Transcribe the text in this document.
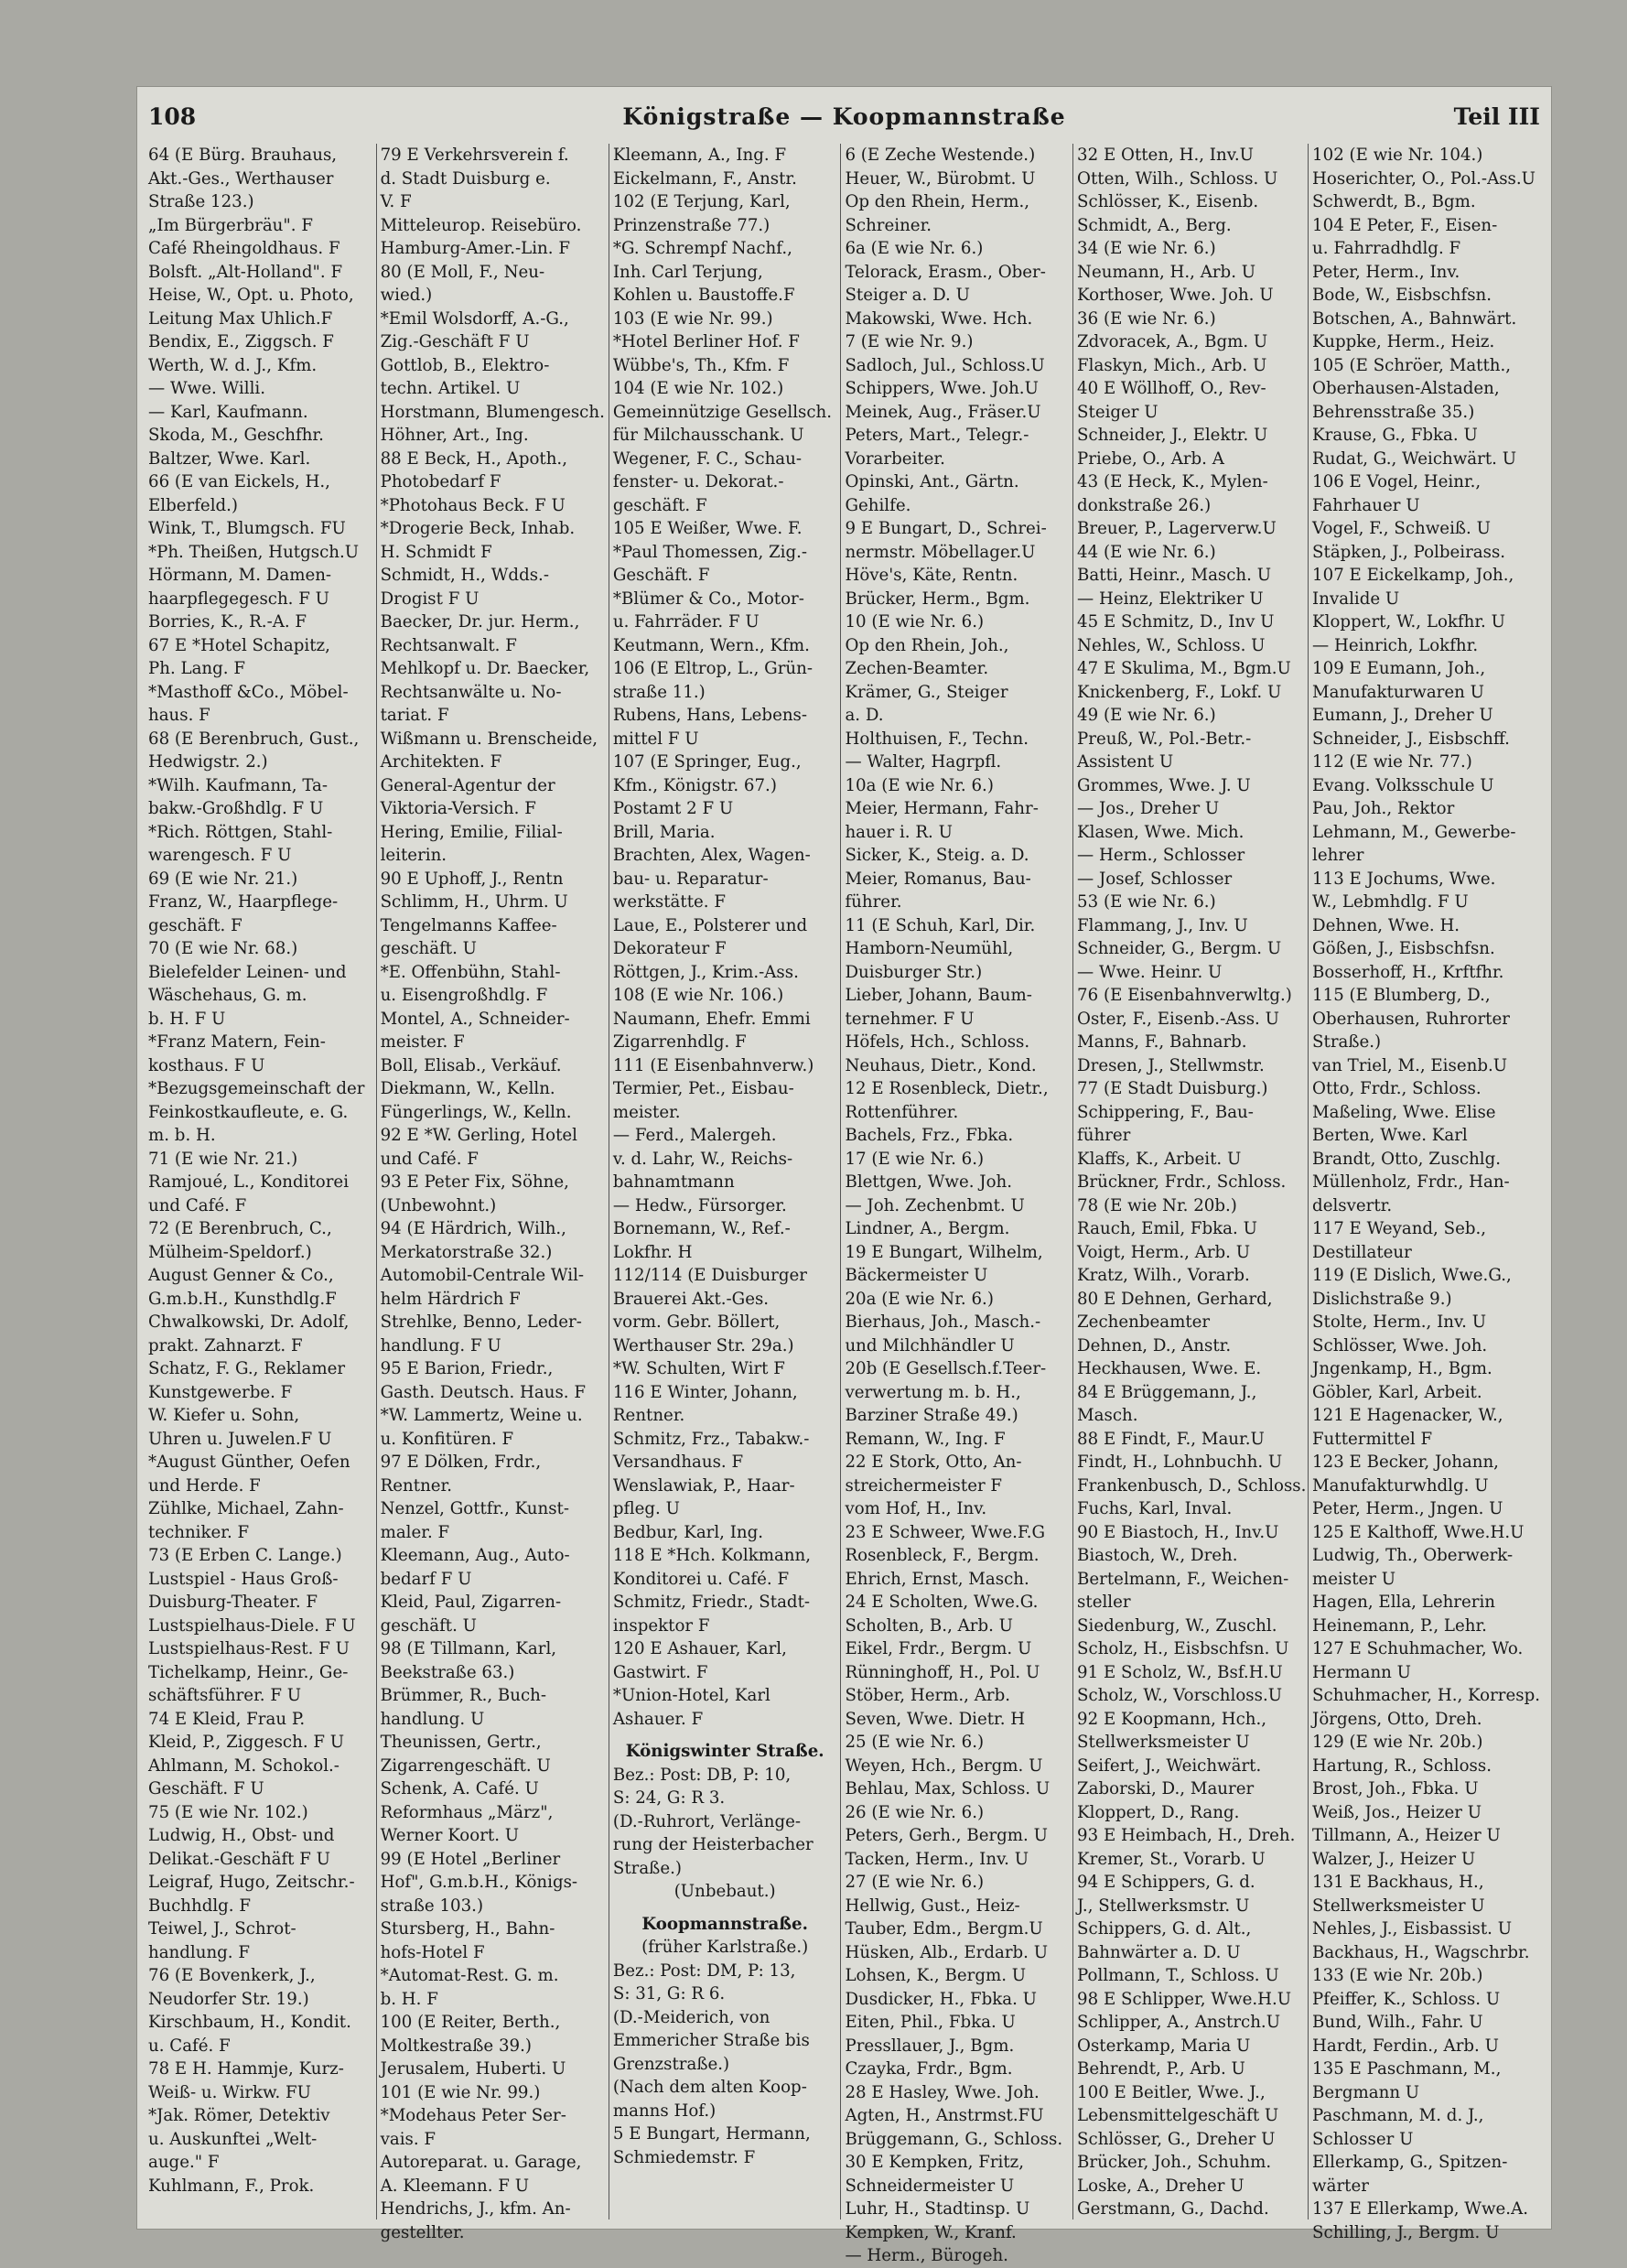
108	Königstraße — Koopmannstraße	Teil III
64 (E Bürg. Brauhaus,
Akt.-Ges., Werthauser
Straße 123.)
„Im Bürgerbräu". F
Café Rheingoldhaus. F
Bolsft. „Alt-Holland". F
Heise, W., Opt. u. Photo,
Leitung Max Uhlich.F
Bendix, E., Ziggsch. F
Werth, W. d. J., Kfm.
— Wwe. Willi.
— Karl, Kaufmann.
Skoda, M., Geschfhr.
Baltzer, Wwe. Karl.
66 (E van Eickels, H.,
Elberfeld.)
Wink, T., Blumgsch. FU
*Ph. Theißen, Hutgsch.U
Hörmann, M. Damen-
haarpflegegesch. F U
Borries, K., R.-A. F
67 E *Hotel Schapitz,
Ph. Lang. F
*Masthoff &Co., Möbel-
haus. F
68 (E Berenbruch, Gust.,
Hedwigstr. 2.)
*Wilh. Kaufmann, Ta-
bakw.-Großhdlg. F U
*Rich. Röttgen, Stahl-
warengesch. F U
69 (E wie Nr. 21.)
Franz, W., Haarpflege-
geschäft. F
70 (E wie Nr. 68.)
Bielefelder Leinen- und
Wäschehaus, G. m.
b. H. F U
*Franz Matern, Fein-
kosthaus. F U
*Bezugsgemeinschaft der
Feinkostkaufleute, e. G.
m. b. H.
71 (E wie Nr. 21.)
Ramjoué, L., Konditorei
und Café. F
72 (E Berenbruch, C.,
Mülheim-Speldorf.)
August Genner & Co.,
G.m.b.H., Kunsthdlg.F
Chwalkowski, Dr. Adolf,
prakt. Zahnarzt. F
Schatz, F. G., Reklamer
Kunstgewerbe. F
W. Kiefer u. Sohn,
Uhren u. Juwelen.F U
*August Günther, Oefen
und Herde. F
Zühlke, Michael, Zahn-
techniker. F
73 (E Erben C. Lange.)
Lustspiel - Haus Groß-
Duisburg-Theater. F
Lustspielhaus-Diele. F U
Lustspielhaus-Rest. F U
Tichelkamp, Heinr., Ge-
schäftsführer. F U
74 E Kleid, Frau P.
Kleid, P., Ziggesch. F U
Ahlmann, M. Schokol.-
Geschäft. F U
75 (E wie Nr. 102.)
Ludwig, H., Obst- und
Delikat.-Geschäft F U
Leigraf, Hugo, Zeitschr.-
Buchhdlg. F
Teiwel, J., Schrot-
handlung. F
76 (E Bovenkerk, J.,
Neudorfer Str. 19.)
Kirschbaum, H., Kondit.
u. Café. F
78 E H. Hammje, Kurz-
Weiß- u. Wirkw. FU
*Jak. Römer, Detektiv
u. Auskunftei „Welt-
auge." F
Kuhlmann, F., Prok.
79 E Verkehrsverein f.
d. Stadt Duisburg e.
V. F
Mitteleurop. Reisebüro.
Hamburg-Amer.-Lin. F
80 (E Moll, F., Neu-
wied.)
*Emil Wolsdorff, A.-G.,
Zig.-Geschäft F U
Gottlob, B., Elektro-
techn. Artikel. U
Horstmann, Blumengesch.
Höhner, Art., Ing.
88 E Beck, H., Apoth.,
Photobedarf F
*Photohaus Beck. F U
*Drogerie Beck, Inhab.
H. Schmidt F
Schmidt, H., Wdds.-
Drogist F U
Baecker, Dr. jur. Herm.,
Rechtsanwalt. F
Mehlkopf u. Dr. Baecker,
Rechtsanwälte u. No-
tariat. F
Wißmann u. Brenscheide,
Architekten. F
General-Agentur der
Viktoria-Versich. F
Hering, Emilie, Filial-
leiterin.
90 E Uphoff, J., Rentn
Schlimm, H., Uhrm. U
Tengelmanns Kaffee-
geschäft. U
*E. Offenbühn, Stahl-
u. Eisengroßhdlg. F
Montel, A., Schneider-
meister. F
Boll, Elisab., Verkäuf.
Diekmann, W., Kelln.
Füngerlings, W., Kelln.
92 E *W. Gerling, Hotel
und Café. F
93 E Peter Fix, Söhne,
(Unbewohnt.)
94 (E Härdrich, Wilh.,
Merkatorstraße 32.)
Automobil-Centrale Wil-
helm Härdrich F
Strehlke, Benno, Leder-
handlung. F U
95 E Barion, Friedr.,
Gasth. Deutsch. Haus. F
*W. Lammertz, Weine u.
u. Konfitüren. F
97 E Dölken, Frdr.,
Rentner.
Nenzel, Gottfr., Kunst-
maler. F
Kleemann, Aug., Auto-
bedarf F U
Kleid, Paul, Zigarren-
geschäft. U
98 (E Tillmann, Karl,
Beekstraße 63.)
Brümmer, R., Buch-
handlung. U
Theunissen, Gertr.,
Zigarrengeschäft. U
Schenk, A. Café. U
Reformhaus „März",
Werner Koort. U
99 (E Hotel „Berliner
Hof", G.m.b.H., Königs-
straße 103.)
Stursberg, H., Bahn-
hofs-Hotel F
*Automat-Rest. G. m.
b. H. F
100 (E Reiter, Berth.,
Moltkestraße 39.)
Jerusalem, Huberti. U
101 (E wie Nr. 99.)
*Modehaus Peter Ser-
vais. F
Autoreparat. u. Garage,
A. Kleemann. F U
Hendrichs, J., kfm. An-
gestellter.
Kleemann, A., Ing. F
Eickelmann, F., Anstr.
102 (E Terjung, Karl,
Prinzenstraße 77.)
*G. Schrempf Nachf.,
Inh. Carl Terjung,
Kohlen u. Baustoffe.F
103 (E wie Nr. 99.)
*Hotel Berliner Hof. F
Wübbe's, Th., Kfm. F
104 (E wie Nr. 102.)
Gemeinnützige Gesellsch.
für Milchausschank. U
Wegener, F. C., Schau-
fenster- u. Dekorat.-
geschäft. F
105 E Weißer, Wwe. F.
*Paul Thomessen, Zig.-
Geschäft. F
*Blümer & Co., Motor-
u. Fahrräder. F U
Keutmann, Wern., Kfm.
106 (E Eltrop, L., Grün-
straße 11.)
Rubens, Hans, Lebens-
mittel F U
107 (E Springer, Eug.,
Kfm., Königstr. 67.)
Postamt 2 F U
Brill, Maria.
Brachten, Alex, Wagen-
bau- u. Reparatur-
werkstätte. F
Laue, E., Polsterer und
Dekorateur F
Röttgen, J., Krim.-Ass.
108 (E wie Nr. 106.)
Naumann, Ehefr. Emmi
Zigarrenhdlg. F
111 (E Eisenbahnverw.)
Termier, Pet., Eisbau-
meister.
— Ferd., Malergeh.
v. d. Lahr, W., Reichs-
bahnamtmann
— Hedw., Fürsorger.
Bornemann, W., Ref.-
Lokfhr. H
112/114 (E Duisburger
Brauerei Akt.-Ges.
vorm. Gebr. Böllert,
Werthauser Str. 29a.)
*W. Schulten, Wirt F
116 E Winter, Johann,
Rentner.
Schmitz, Frz., Tabakw.-
Versandhaus. F
Wenslawiak, P., Haar-
pfleg. U
Bedbur, Karl, Ing.
118 E *Hch. Kolkmann,
Konditorei u. Café. F
Schmitz, Friedr., Stadt-
inspektor F
120 E Ashauer, Karl,
Gastwirt. F
*Union-Hotel, Karl
Ashauer. F
Königswinter Straße.
Bez.: Post: DB, P: 10,
S: 24, G: R 3.
(D.-Ruhrort, Verlänge-
rung der Heisterbacher
Straße.)
(Unbebaut.)
Koopmannstraße.
(früher Karlstraße.)
Bez.: Post: DM, P: 13,
S: 31, G: R 6.
(D.-Meiderich, von
Emmericher Straße bis
Grenzstraße.)
(Nach dem alten Koop-
manns Hof.)
5 E Bungart, Hermann,
Schmiedemstr. F
6 (E Zeche Westende.)
Heuer, W., Bürobmt. U
Op den Rhein, Herm.,
Schreiner.
6a (E wie Nr. 6.)
Telorack, Erasm., Ober-
Steiger a. D. U
Makowski, Wwe. Hch.
7 (E wie Nr. 9.)
Sadloch, Jul., Schloss.U
Schippers, Wwe. Joh.U
Meinek, Aug., Fräser.U
Peters, Mart., Telegr.-
Vorarbeiter.
Opinski, Ant., Gärtn.
Gehilfe.
9 E Bungart, D., Schrei-
nermstr. Möbellager.U
Höve's, Käte, Rentn.
Brücker, Herm., Bgm.
10 (E wie Nr. 6.)
Op den Rhein, Joh.,
Zechen-Beamter.
Krämer, G., Steiger
a. D.
Holthuisen, F., Techn.
— Walter, Hagrpfl.
10a (E wie Nr. 6.)
Meier, Hermann, Fahr-
hauer i. R. U
Sicker, K., Steig. a. D.
Meier, Romanus, Bau-
führer.
11 (E Schuh, Karl, Dir.
Hamborn-Neumühl,
Duisburger Str.)
Lieber, Johann, Baum-
ternehmer. F U
Höfels, Hch., Schloss.
Neuhaus, Dietr., Kond.
12 E Rosenbleck, Dietr.,
Rottenführer.
Bachels, Frz., Fbka.
17 (E wie Nr. 6.)
Blettgen, Wwe. Joh.
— Joh. Zechenbmt. U
Lindner, A., Bergm.
19 E Bungart, Wilhelm,
Bäckermeister U
20a (E wie Nr. 6.)
Bierhaus, Joh., Masch.-
und Milchhändler U
20b (E Gesellsch.f.Teer-
verwertung m. b. H.,
Barziner Straße 49.)
Remann, W., Ing. F
22 E Stork, Otto, An-
streichermeister F
vom Hof, H., Inv.
23 E Schweer, Wwe.F.G
Rosenbleck, F., Bergm.
Ehrich, Ernst, Masch.
24 E Scholten, Wwe.G.
Scholten, B., Arb. U
Eikel, Frdr., Bergm. U
Rünninghoff, H., Pol. U
Stöber, Herm., Arb.
Seven, Wwe. Dietr. H
25 (E wie Nr. 6.)
Weyen, Hch., Bergm. U
Behlau, Max, Schloss. U
26 (E wie Nr. 6.)
Peters, Gerh., Bergm. U
Tacken, Herm., Inv. U
27 (E wie Nr. 6.)
Hellwig, Gust., Heiz-
Tauber, Edm., Bergm.U
Hüsken, Alb., Erdarb. U
Lohsen, K., Bergm. U
Dusdicker, H., Fbka. U
Eiten, Phil., Fbka. U
Pressllauer, J., Bgm.
Czayka, Frdr., Bgm.
28 E Hasley, Wwe. Joh.
Agten, H., Anstrmst.FU
Brüggemann, G., Schloss.
30 E Kempken, Fritz,
Schneidermeister U
Luhr, H., Stadtinsp. U
Kempken, W., Kranf.
— Herm., Bürogeh.
32 E Otten, H., Inv.U
Otten, Wilh., Schloss. U
Schlösser, K., Eisenb.
Schmidt, A., Berg.
34 (E wie Nr. 6.)
Neumann, H., Arb. U
Korthoser, Wwe. Joh. U
36 (E wie Nr. 6.)
Zdvoracek, A., Bgm. U
Flaskyn, Mich., Arb. U
40 E Wöllhoff, O., Rev-
Steiger U
Schneider, J., Elektr. U
Priebe, O., Arb. A
43 (E Heck, K., Mylen-
donkstraße 26.)
Breuer, P., Lagerverw.U
44 (E wie Nr. 6.)
Batti, Heinr., Masch. U
— Heinz, Elektriker U
45 E Schmitz, D., Inv U
Nehles, W., Schloss. U
47 E Skulima, M., Bgm.U
Knickenberg, F., Lokf. U
49 (E wie Nr. 6.)
Preuß, W., Pol.-Betr.-
Assistent U
Grommes, Wwe. J. U
— Jos., Dreher U
Klasen, Wwe. Mich.
— Herm., Schlosser
— Josef, Schlosser
53 (E wie Nr. 6.)
Flammang, J., Inv. U
Schneider, G., Bergm. U
— Wwe. Heinr. U
76 (E Eisenbahnverwltg.)
Oster, F., Eisenb.-Ass. U
Manns, F., Bahnarb.
Dresen, J., Stellwmstr.
77 (E Stadt Duisburg.)
Schippering, F., Bau-
führer
Klaffs, K., Arbeit. U
Brückner, Frdr., Schloss.
78 (E wie Nr. 20b.)
Rauch, Emil, Fbka. U
Voigt, Herm., Arb. U
Kratz, Wilh., Vorarb.
80 E Dehnen, Gerhard,
Zechenbeamter
Dehnen, D., Anstr.
Heckhausen, Wwe. E.
84 E Brüggemann, J.,
Masch.
88 E Findt, F., Maur.U
Findt, H., Lohnbuchh. U
Frankenbusch, D., Schloss.
Fuchs, Karl, Inval.
90 E Biastoch, H., Inv.U
Biastoch, W., Dreh.
Bertelmann, F., Weichen-
steller
Siedenburg, W., Zuschl.
Scholz, H., Eisbschfsn. U
91 E Scholz, W., Bsf.H.U
Scholz, W., Vorschloss.U
92 E Koopmann, Hch.,
Stellwerksmeister U
Seifert, J., Weichwärt.
Zaborski, D., Maurer
Kloppert, D., Rang.
93 E Heimbach, H., Dreh.
Kremer, St., Vorarb. U
94 E Schippers, G. d.
J., Stellwerksmstr. U
Schippers, G. d. Alt.,
Bahnwärter a. D. U
Pollmann, T., Schloss. U
98 E Schlipper, Wwe.H.U
Schlipper, A., Anstrch.U
Osterkamp, Maria U
Behrendt, P., Arb. U
100 E Beitler, Wwe. J.,
Lebensmittelgeschäft U
Schlösser, G., Dreher U
Brücker, Joh., Schuhm.
Loske, A., Dreher U
Gerstmann, G., Dachd.
102 (E wie Nr. 104.)
Hoserichter, O., Pol.-Ass.U
Schwerdt, B., Bgm.
104 E Peter, F., Eisen-
u. Fahrradhdlg. F
Peter, Herm., Inv.
Bode, W., Eisbschfsn.
Botschen, A., Bahnwärt.
Kuppke, Herm., Heiz.
105 (E Schröer, Matth.,
Oberhausen-Alstaden,
Behrensstraße 35.)
Krause, G., Fbka. U
Rudat, G., Weichwärt. U
106 E Vogel, Heinr.,
Fahrhauer U
Vogel, F., Schweiß. U
Stäpken, J., Polbeirass.
107 E Eickelkamp, Joh.,
Invalide U
Kloppert, W., Lokfhr. U
— Heinrich, Lokfhr.
109 E Eumann, Joh.,
Manufakturwaren U
Eumann, J., Dreher U
Schneider, J., Eisbschff.
112 (E wie Nr. 77.)
Evang. Volksschule U
Pau, Joh., Rektor
Lehmann, M., Gewerbe-
lehrer
113 E Jochums, Wwe.
W., Lebmhdlg. F U
Dehnen, Wwe. H.
Gößen, J., Eisbschfsn.
Bosserhoff, H., Krftfhr.
115 (E Blumberg, D.,
Oberhausen, Ruhrorter
Straße.)
van Triel, M., Eisenb.U
Otto, Frdr., Schloss.
Maßeling, Wwe. Elise
Berten, Wwe. Karl
Brandt, Otto, Zuschlg.
Müllenholz, Frdr., Han-
delsvertr.
117 E Weyand, Seb.,
Destillateur
119 (E Dislich, Wwe.G.,
Dislichstraße 9.)
Stolte, Herm., Inv. U
Schlösser, Wwe. Joh.
Jngenkamp, H., Bgm.
Göbler, Karl, Arbeit.
121 E Hagenacker, W.,
Futtermittel F
123 E Becker, Johann,
Manufakturwhdlg. U
Peter, Herm., Jngen. U
125 E Kalthoff, Wwe.H.U
Ludwig, Th., Oberwerk-
meister U
Hagen, Ella, Lehrerin
Heinemann, P., Lehr.
127 E Schuhmacher, Wo.
Hermann U
Schuhmacher, H., Korresp.
Jörgens, Otto, Dreh.
129 (E wie Nr. 20b.)
Hartung, R., Schloss.
Brost, Joh., Fbka. U
Weiß, Jos., Heizer U
Tillmann, A., Heizer U
Walzer, J., Heizer U
131 E Backhaus, H.,
Stellwerksmeister U
Nehles, J., Eisbassist. U
Backhaus, H., Wagschrbr.
133 (E wie Nr. 20b.)
Pfeiffer, K., Schloss. U
Bund, Wilh., Fahr. U
Hardt, Ferdin., Arb. U
135 E Paschmann, M.,
Bergmann U
Paschmann, M. d. J.,
Schlosser U
Ellerkamp, G., Spitzen-
wärter
137 E Ellerkamp, Wwe.A.
Schilling, J., Bergm. U
